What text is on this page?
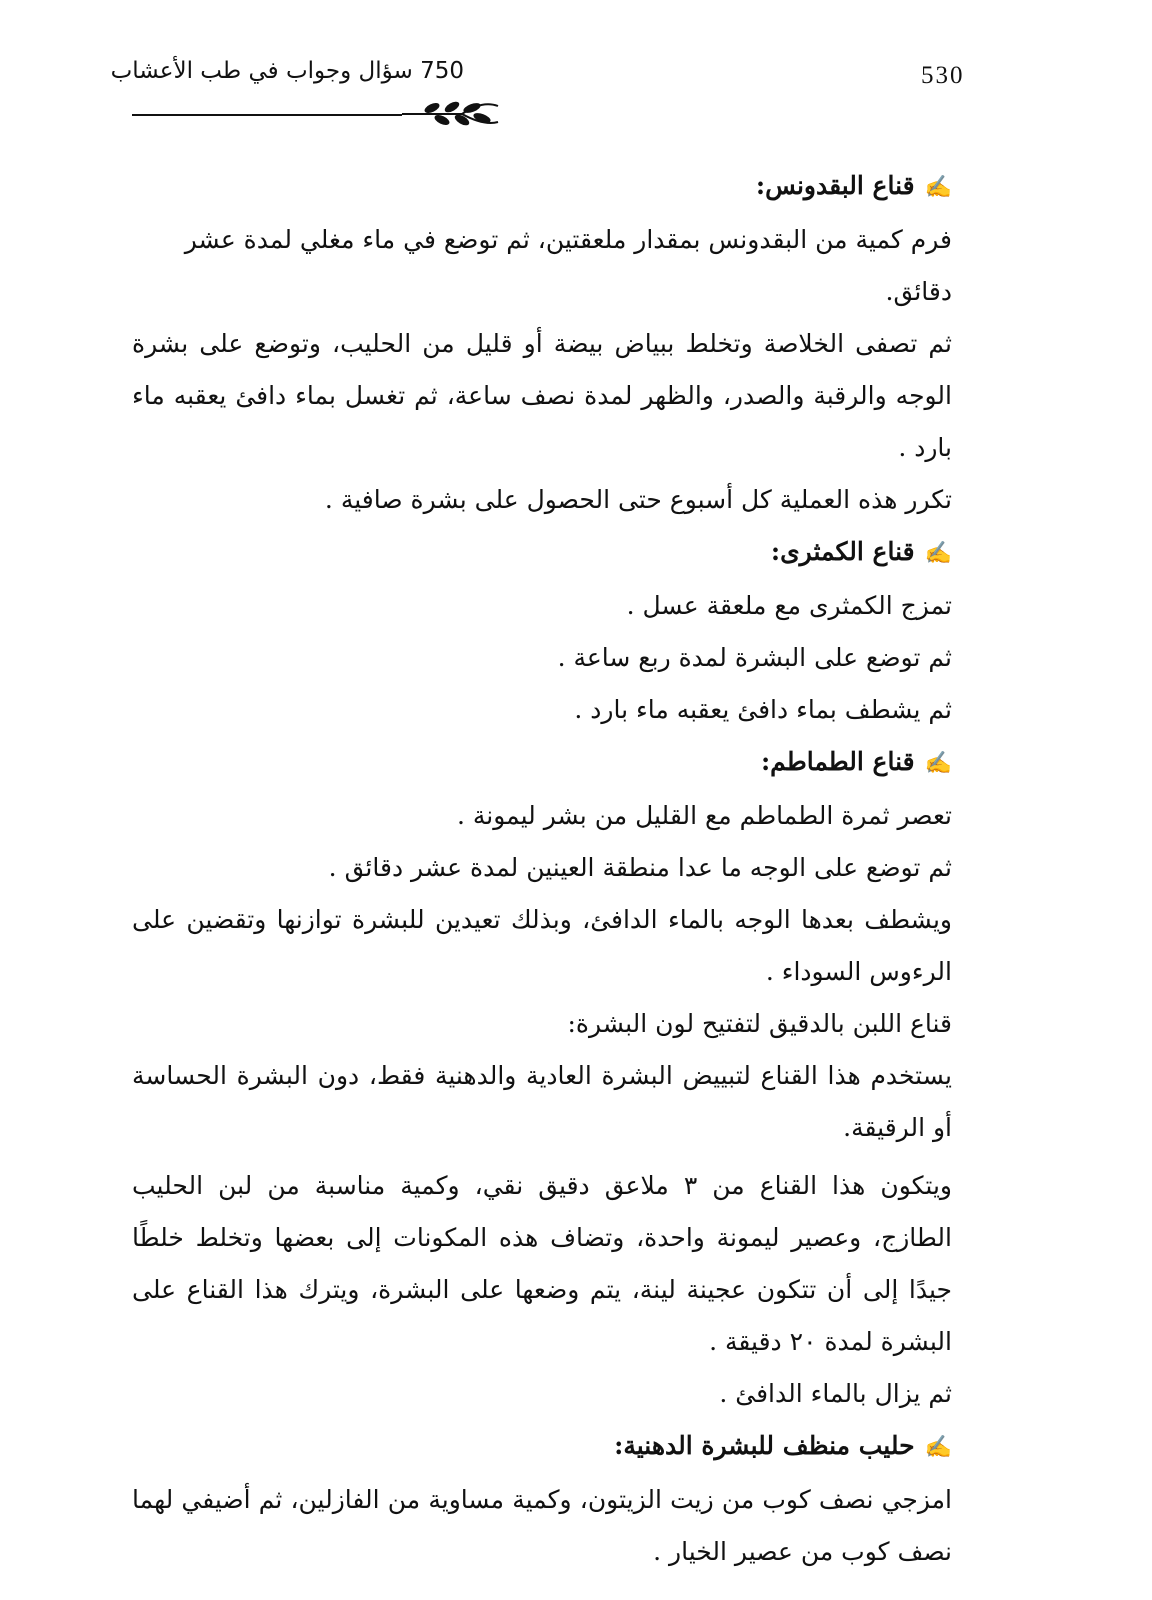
530
750 سؤال وجواب في طب الأعشاب

✍قناع البقدونس:

فرم كمية من البقدونس بمقدار ملعقتين، ثم توضع في ماء مغلي لمدة عشر دقائق.

ثم تصفى الخلاصة وتخلط ببياض بيضة أو قليل من الحليب، وتوضع على بشرة الوجه والرقبة والصدر، والظهر لمدة نصف ساعة، ثم تغسل بماء دافئ يعقبه ماء بارد .

تكرر هذه العملية كل أسبوع حتى الحصول على بشرة صافية .

✍قناع الكمثرى:

تمزج الكمثرى مع ملعقة عسل .

ثم توضع على البشرة لمدة ربع ساعة .

ثم يشطف بماء دافئ يعقبه ماء بارد .

✍قناع الطماطم:

تعصر ثمرة الطماطم مع القليل من بشر ليمونة .

ثم توضع على الوجه ما عدا منطقة العينين لمدة عشر دقائق .

ويشطف بعدها الوجه بالماء الدافئ، وبذلك تعيدين للبشرة توازنها وتقضين على الرءوس السوداء .

قناع اللبن بالدقيق لتفتيح لون البشرة:

يستخدم هذا القناع لتبييض البشرة العادية والدهنية فقط، دون البشرة الحساسة أو الرقيقة.

ويتكون هذا القناع من ٣ ملاعق دقيق نقي، وكمية مناسبة من لبن الحليب الطازج، وعصير ليمونة واحدة، وتضاف هذه المكونات إلى بعضها وتخلط خلطًا جيدًا إلى أن تتكون عجينة لينة، يتم وضعها على البشرة، ويترك هذا القناع على البشرة لمدة ٢٠ دقيقة .

ثم يزال بالماء الدافئ .

✍حليب منظف للبشرة الدهنية:

امزجي نصف كوب من زيت الزيتون، وكمية مساوية من الفازلين، ثم أضيفي لهما نصف كوب من عصير الخيار .
